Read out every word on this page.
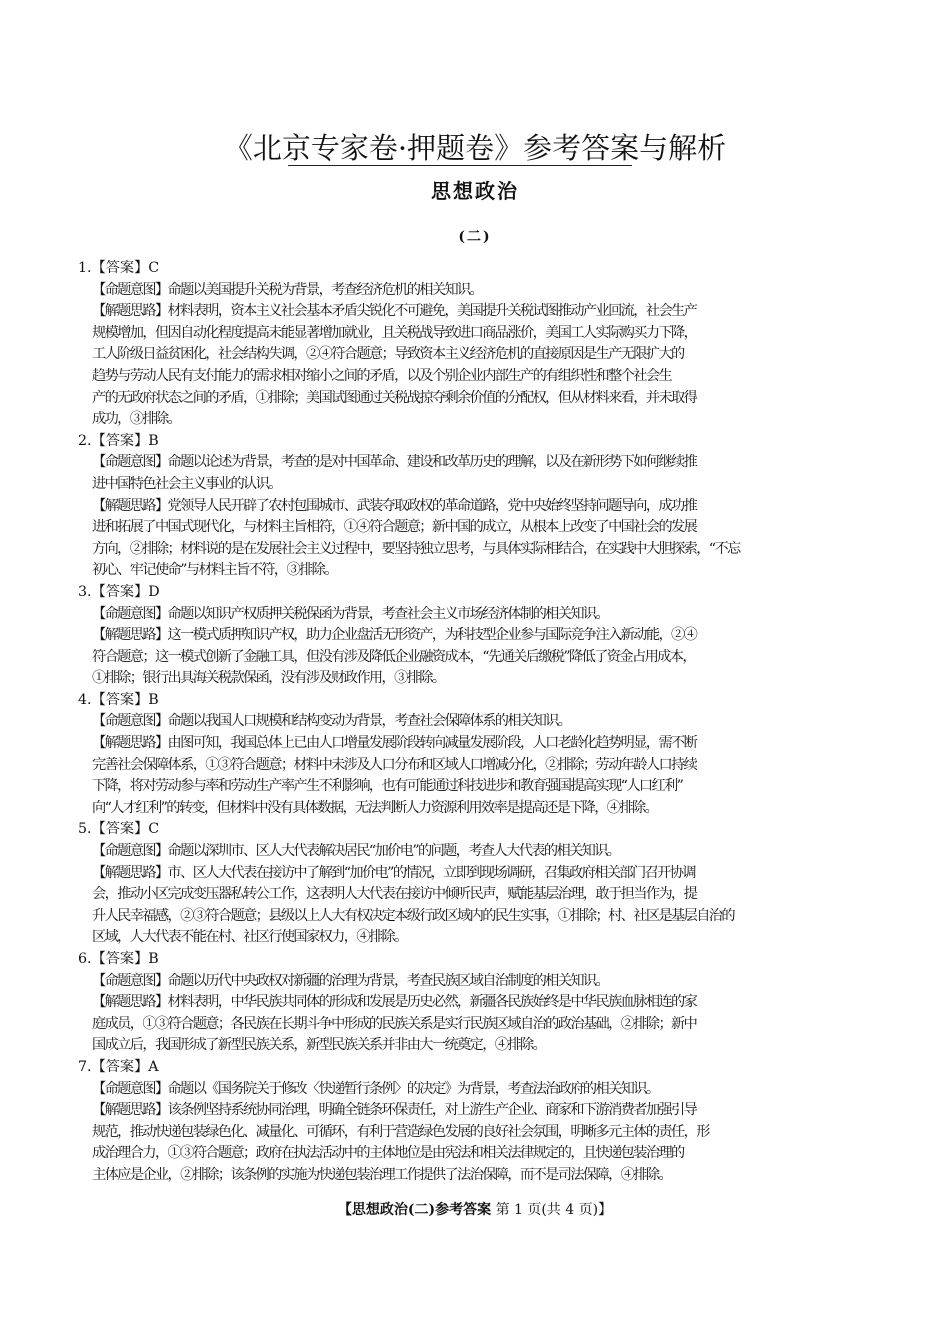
《北京专家卷·押题卷》参考答案与解析
思想政治
(二)
1.【答案】C
【命题意图】命题以美国提升关税为背景，考查经济危机的相关知识。
【解题思路】材料表明，资本主义社会基本矛盾尖锐化不可避免，美国提升关税试图推动产业回流，社会生产
规模增加，但因自动化程度提高未能显著增加就业，且关税战导致进口商品涨价，美国工人实际购买力下降，
工人阶级日益贫困化，社会结构失调，②④符合题意；导致资本主义经济危机的直接原因是生产无限扩大的
趋势与劳动人民有支付能力的需求相对缩小之间的矛盾，以及个别企业内部生产的有组织性和整个社会生
产的无政府状态之间的矛盾，①排除；美国试图通过关税战掠夺剩余价值的分配权，但从材料来看，并未取得
成功，③排除。
2.【答案】B
【命题意图】命题以论述为背景，考查的是对中国革命、建设和改革历史的理解，以及在新形势下如何继续推
进中国特色社会主义事业的认识。
【解题思路】党领导人民开辟了农村包围城市、武装夺取政权的革命道路，党中央始终坚持问题导向，成功推
进和拓展了中国式现代化，与材料主旨相符，①④符合题意；新中国的成立，从根本上改变了中国社会的发展
方向，②排除；材料说的是在发展社会主义过程中，要坚持独立思考，与具体实际相结合，在实践中大胆探索，“不忘
初心、牢记使命”与材料主旨不符，③排除。
3.【答案】D
【命题意图】命题以知识产权质押关税保函为背景，考查社会主义市场经济体制的相关知识。
【解题思路】这一模式质押知识产权，助力企业盘活无形资产，为科技型企业参与国际竞争注入新动能，②④
符合题意；这一模式创新了金融工具，但没有涉及降低企业融资成本，“先通关后缴税”降低了资金占用成本，
①排除；银行出具海关税款保函，没有涉及财政作用，③排除。
4.【答案】B
【命题意图】命题以我国人口规模和结构变动为背景，考查社会保障体系的相关知识。
【解题思路】由图可知，我国总体上已由人口增量发展阶段转向减量发展阶段，人口老龄化趋势明显，需不断
完善社会保障体系，①③符合题意；材料中未涉及人口分布和区域人口增减分化，②排除；劳动年龄人口持续
下降，将对劳动参与率和劳动生产率产生不利影响，也有可能通过科技进步和教育强国提高实现“人口红利”
向“人才红利”的转变，但材料中没有具体数据，无法判断人力资源利用效率是提高还是下降，④排除。
5.【答案】C
【命题意图】命题以深圳市、区人大代表解决居民“加价电”的问题，考查人大代表的相关知识。
【解题思路】市、区人大代表在接访中了解到“加价电”的情况，立即到现场调研，召集政府相关部门召开协调
会，推动小区完成变压器私转公工作，这表明人大代表在接访中倾听民声，赋能基层治理，敢于担当作为，提
升人民幸福感，②③符合题意；县级以上人大有权决定本级行政区域内的民生实事，①排除；村、社区是基层自治的
区域，人大代表不能在村、社区行使国家权力，④排除。
6.【答案】B
【命题意图】命题以历代中央政权对新疆的治理为背景，考查民族区域自治制度的相关知识。
【解题思路】材料表明，中华民族共同体的形成和发展是历史必然，新疆各民族始终是中华民族血脉相连的家
庭成员，①③符合题意；各民族在长期斗争中形成的民族关系是实行民族区域自治的政治基础，②排除；新中
国成立后，我国形成了新型民族关系，新型民族关系并非由大一统奠定，④排除。
7.【答案】A
【命题意图】命题以《国务院关于修改〈快递暂行条例〉的决定》为背景，考查法治政府的相关知识。
【解题思路】该条例坚持系统协同治理，明确全链条环保责任，对上游生产企业、商家和下游消费者加强引导
规范，推动快递包装绿色化、减量化、可循环，有利于营造绿色发展的良好社会氛围，明晰多元主体的责任，形
成治理合力，①③符合题意；政府在执法活动中的主体地位是由宪法和相关法律规定的，且快递包装治理的
主体应是企业，②排除；该条例的实施为快递包装治理工作提供了法治保障，而不是司法保障，④排除。
【思想政治(二)参考答案 第 1 页(共 4 页)】
